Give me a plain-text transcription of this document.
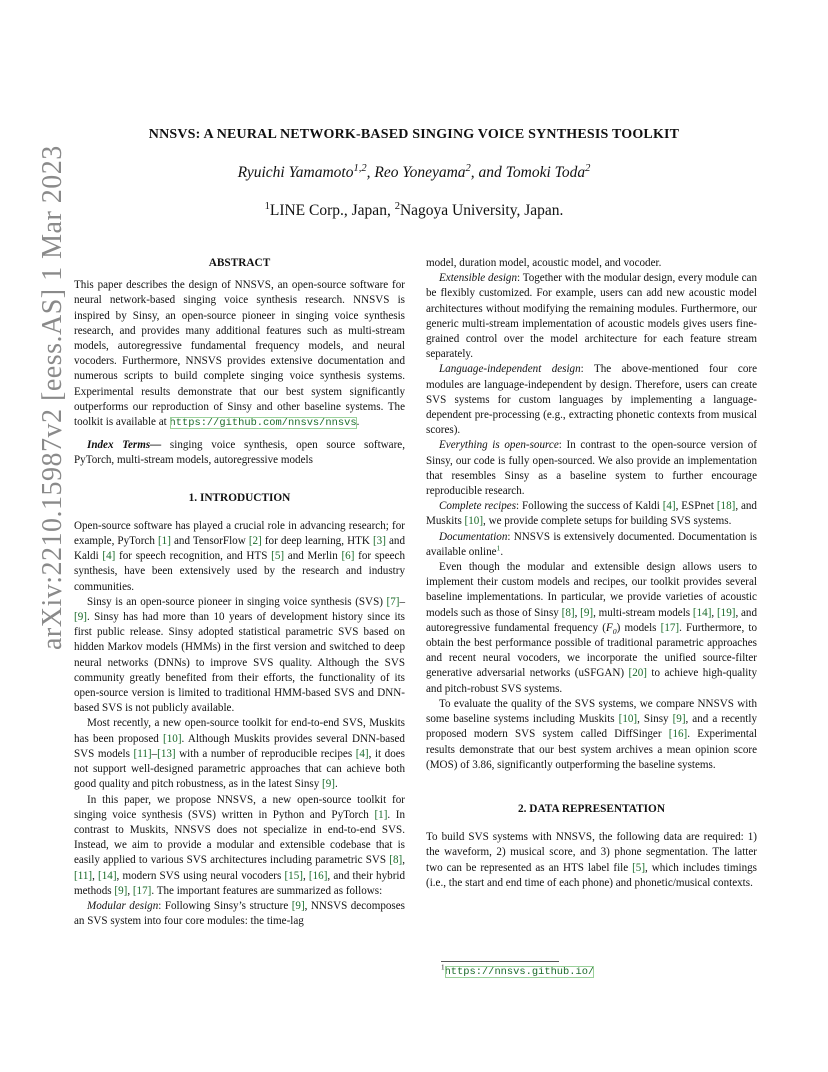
arXiv:2210.15987v2 [eess.AS] 1 Mar 2023
NNSVS: A NEURAL NETWORK-BASED SINGING VOICE SYNTHESIS TOOLKIT
Ryuichi Yamamoto$^{1,2}$, Reo Yoneyama$^2$, and Tomoki Toda$^2$
$^1$LINE Corp., Japan, $^2$Nagoya University, Japan.
ABSTRACT

This paper describes the design of NNSVS, an open-source software for neural network-based singing voice synthesis research. NNSVS is inspired by Sinsy, an open-source pioneer in singing voice synthesis research, and provides many additional features such as multi-stream models, autoregressive fundamental frequency models, and neural vocoders. Furthermore, NNSVS provides extensive documentation and numerous scripts to build complete singing voice synthesis systems. Experimental results demonstrate that our best system significantly outperforms our reproduction of Sinsy and other baseline systems. The toolkit is available at https://github.com/nnsvs/nnsvs.

Index Terms— singing voice synthesis, open source software, PyTorch, multi-stream models, autoregressive models

1. INTRODUCTION

Open-source software has played a crucial role in advancing research; for example, PyTorch [1] and TensorFlow [2] for deep learning, HTK [3] and Kaldi [4] for speech recognition, and HTS [5] and Merlin [6] for speech synthesis, have been extensively used by the research and industry communities.

Sinsy is an open-source pioneer in singing voice synthesis (SVS) [7]–[9]. Sinsy has had more than 10 years of development history since its first public release. Sinsy adopted statistical parametric SVS based on hidden Markov models (HMMs) in the first version and switched to deep neural networks (DNNs) to improve SVS quality. Although the SVS community greatly benefited from their efforts, the functionality of its open-source version is limited to traditional HMM-based SVS and DNN-based SVS is not publicly available.

Most recently, a new open-source toolkit for end-to-end SVS, Muskits has been proposed [10]. Although Muskits provides several DNN-based SVS models [11]–[13] with a number of reproducible recipes [4], it does not support well-designed parametric approaches that can achieve both good quality and pitch robustness, as in the latest Sinsy [9].

In this paper, we propose NNSVS, a new open-source toolkit for singing voice synthesis (SVS) written in Python and PyTorch [1]. In contrast to Muskits, NNSVS does not specialize in end-to-end SVS. Instead, we aim to provide a modular and extensible codebase that is easily applied to various SVS architectures including parametric SVS [8], [11], [14], modern SVS using neural vocoders [15], [16], and their hybrid methods [9], [17]. The important features are summarized as follows:

Modular design: Following Sinsy’s structure [9], NNSVS decomposes an SVS system into four core modules: the time-lag

model, duration model, acoustic model, and vocoder.

Extensible design: Together with the modular design, every module can be flexibly customized. For example, users can add new acoustic model architectures without modifying the remaining modules. Furthermore, our generic multi-stream implementation of acoustic models gives users fine-grained control over the model architecture for each feature stream separately.

Language-independent design: The above-mentioned four core modules are language-independent by design. Therefore, users can create SVS systems for custom languages by implementing a language-dependent pre-processing (e.g., extracting phonetic contexts from musical scores).

Everything is open-source: In contrast to the open-source version of Sinsy, our code is fully open-sourced. We also provide an implementation that resembles Sinsy as a baseline system to further encourage reproducible research.

Complete recipes: Following the success of Kaldi [4], ESPnet [18], and Muskits [10], we provide complete setups for building SVS systems.

Documentation: NNSVS is extensively documented. Documentation is available online$^1$.

Even though the modular and extensible design allows users to implement their custom models and recipes, our toolkit provides several baseline implementations. In particular, we provide varieties of acoustic models such as those of Sinsy [8], [9], multi-stream models [14], [19], and autoregressive fundamental frequency $(F_0)$ models [17]. Furthermore, to obtain the best performance possible of traditional parametric approaches and recent neural vocoders, we incorporate the unified source-filter generative adversarial networks (uSFGAN) [20] to achieve high-quality and pitch-robust SVS systems.

To evaluate the quality of the SVS systems, we compare NNSVS with some baseline systems including Muskits [10], Sinsy [9], and a recently proposed modern SVS system called DiffSinger [16]. Experimental results demonstrate that our best system archives a mean opinion score (MOS) of 3.86, significantly outperforming the baseline systems.

2. DATA REPRESENTATION

To build SVS systems with NNSVS, the following data are required: 1) the waveform, 2) musical score, and 3) phone segmentation. The latter two can be represented as an HTS label file [5], which includes timings (i.e., the start and end time of each phone) and phonetic/musical contexts.

$^1$https://nnsvs.github.io/
